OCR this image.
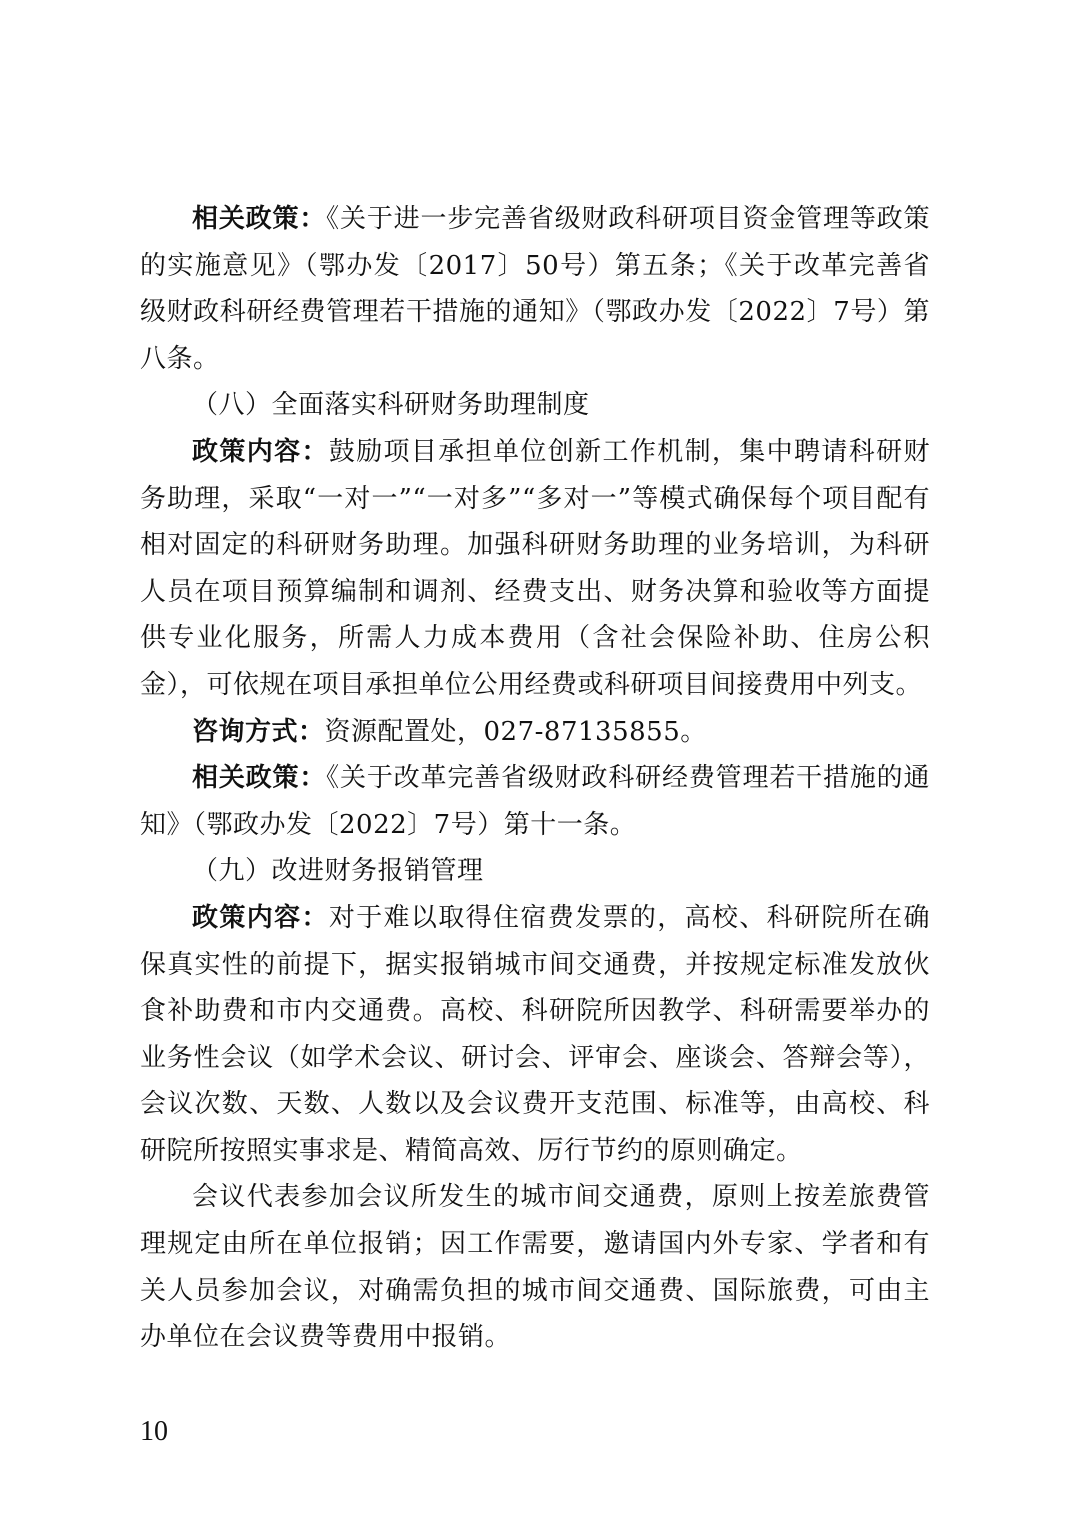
相关政策：《关于进一步完善省级财政科研项目资金管理等政策的实施意见》（鄂办发〔2017〕50号）第五条；《关于改革完善省级财政科研经费管理若干措施的通知》（鄂政办发〔2022〕7号）第八条。

（八）全面落实科研财务助理制度

政策内容：鼓励项目承担单位创新工作机制，集中聘请科研财务助理，采取“一对一”“一对多”“多对一”等模式确保每个项目配有相对固定的科研财务助理。加强科研财务助理的业务培训，为科研人员在项目预算编制和调剂、经费支出、财务决算和验收等方面提供专业化服务，所需人力成本费用（含社会保险补助、住房公积金），可依规在项目承担单位公用经费或科研项目间接费用中列支。

咨询方式：资源配置处，027-87135855。

相关政策：《关于改革完善省级财政科研经费管理若干措施的通知》（鄂政办发〔2022〕7号）第十一条。

（九）改进财务报销管理

政策内容：对于难以取得住宿费发票的，高校、科研院所在确保真实性的前提下，据实报销城市间交通费，并按规定标准发放伙食补助费和市内交通费。高校、科研院所因教学、科研需要举办的业务性会议（如学术会议、研讨会、评审会、座谈会、答辩会等），会议次数、天数、人数以及会议费开支范围、标准等，由高校、科研院所按照实事求是、精简高效、厉行节约的原则确定。

会议代表参加会议所发生的城市间交通费，原则上按差旅费管理规定由所在单位报销；因工作需要，邀请国内外专家、学者和有关人员参加会议，对确需负担的城市间交通费、国际旅费，可由主办单位在会议费等费用中报销。

10
